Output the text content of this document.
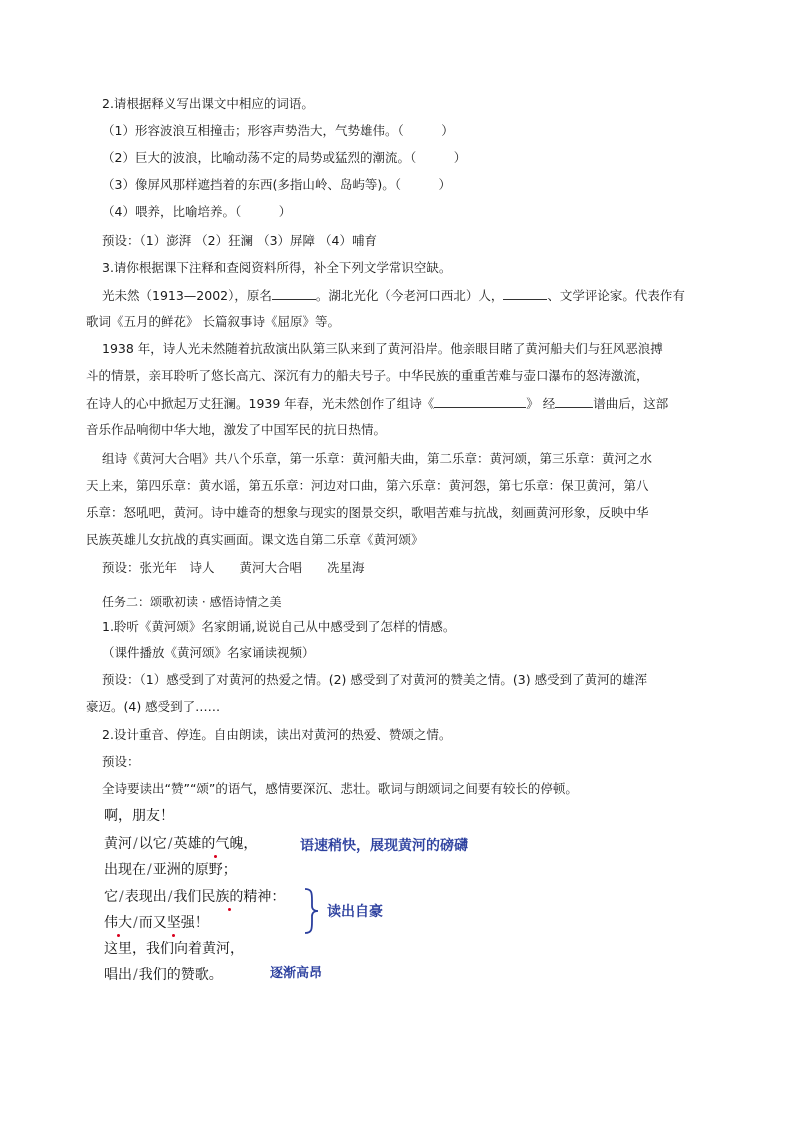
2.请根据释义写出课文中相应的词语。
（1）形容波浪互相撞击；形容声势浩大，气势雄伟。（　　　）
（2）巨大的波浪，比喻动荡不定的局势或猛烈的潮流。（　　　）
（3）像屏风那样遮挡着的东西(多指山岭、岛屿等)。（　　　）
（4）喂养，比喻培养。（　　　）
预设：（1）澎湃 （2）狂澜 （3）屏障 （4）哺育
3.请你根据课下注释和查阅资料所得，补全下列文学常识空缺。
光未然（1913—2002），原名	。湖北光化（今老河口西北）人，	、文学评论家。代表作有
歌词《五月的鲜花》 长篇叙事诗《屈原》等。
1938 年，诗人光未然随着抗敌演出队第三队来到了黄河沿岸。他亲眼目睹了黄河船夫们与狂风恶浪搏
斗的情景，亲耳聆听了悠长高亢、深沉有力的船夫号子。中华民族的重重苦难与壶口瀑布的怒涛激流，
在诗人的心中掀起万丈狂澜。1939 年春，光未然创作了组诗《	》 经	谱曲后，这部
音乐作品响彻中华大地，激发了中国军民的抗日热情。
组诗《黄河大合唱》共八个乐章，第一乐章：黄河船夫曲，第二乐章：黄河颂，第三乐章：黄河之水
天上来，第四乐章：黄水谣，第五乐章：河边对口曲，第六乐章：黄河怨，第七乐章：保卫黄河，第八
乐章：怒吼吧，黄河。诗中雄奇的想象与现实的图景交织，歌唱苦难与抗战，刻画黄河形象，反映中华
民族英雄儿女抗战的真实画面。课文选自第二乐章《黄河颂》
预设：张光年　诗人　　黄河大合唱　　冼星海
任务二：颂歌初读 · 感悟诗情之美
1.聆听《黄河颂》名家朗诵,说说自己从中感受到了怎样的情感。
（课件播放《黄河颂》名家诵读视频）
预设：（1）感受到了对黄河的热爱之情。(2) 感受到了对黄河的赞美之情。(3) 感受到了黄河的雄浑
豪迈。(4) 感受到了……
2.设计重音、停连。自由朗读，读出对黄河的热爱、赞颂之情。
预设：
全诗要读出“赞”“颂”的语气，感情要深沉、悲壮。歌词与朗颂词之间要有较长的停顿。
啊，朋友！
黄河/以它/英雄的气魄，	语速稍快，展现黄河的磅礴
出现在/亚洲的原野；
它/表现出/我们民族的精神：
伟大/而又坚强！
读出自豪
这里，我们向着黄河，
唱出/我们的赞歌。	逐渐高昂
